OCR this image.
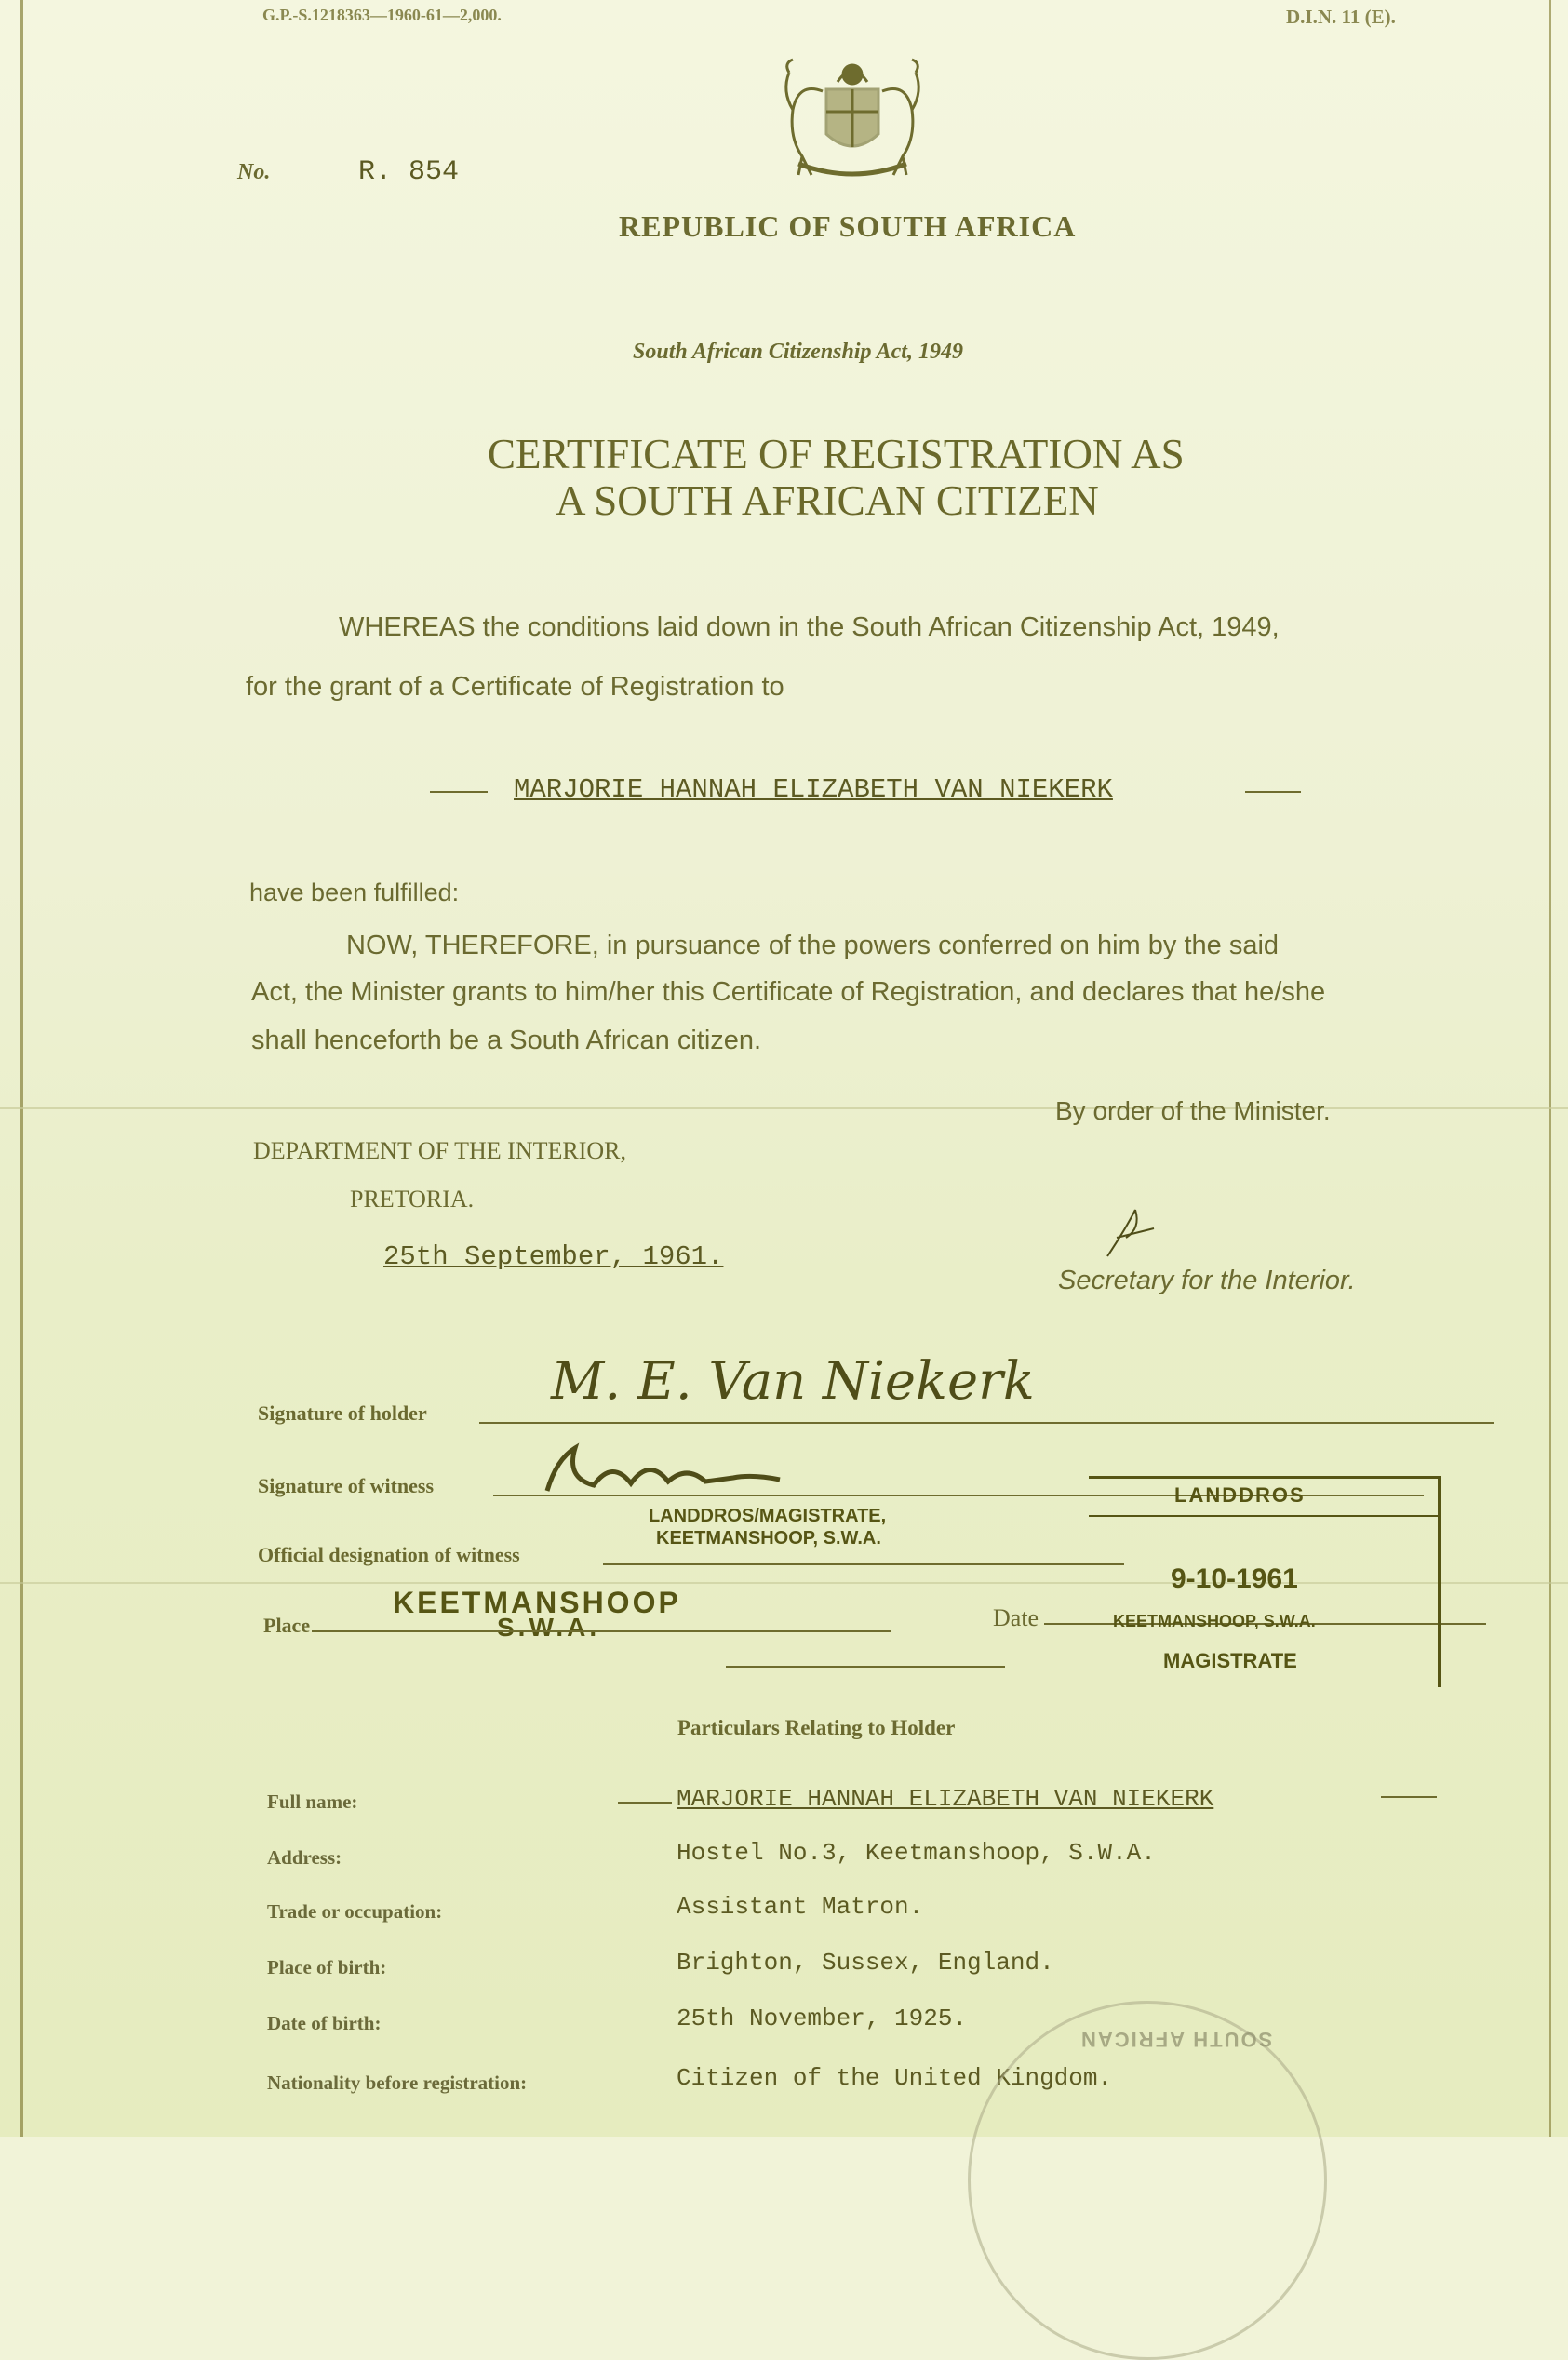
G.P.-S.1218363—1960-61—2,000.	D.I.N. 11 (E).
No.	R. 854
REPUBLIC OF SOUTH AFRICA
South African Citizenship Act, 1949
CERTIFICATE OF REGISTRATION AS
A SOUTH AFRICAN CITIZEN
WHEREAS the conditions laid down in the South African Citizenship Act, 1949,
for the grant of a Certificate of Registration to
MARJORIE HANNAH ELIZABETH VAN NIEKERK
have been fulfilled:
NOW, THEREFORE, in pursuance of the powers conferred on him by the said
Act, the Minister grants to him/her this Certificate of Registration, and declares that he/she
shall henceforth be a South African citizen.
By order of the Minister.
DEPARTMENT OF THE INTERIOR,
PRETORIA.
25th September, 1961.
Secretary for the Interior.
Signature of holder
M. E. Van Niekerk
Signature of witness
LANDDROS/MAGISTRATE,
KEETMANSHOOP, S.W.A.
Official designation of witness
KEETMANSHOOP
S.W.A.
Place	Date
LANDDROS
9-10-1961
KEETMANSHOOP, S.W.A.
MAGISTRATE
Particulars Relating to Holder
Full name:	MARJORIE HANNAH ELIZABETH VAN NIEKERK
Address:	Hostel No.3, Keetmanshoop, S.W.A.
Trade or occupation:	Assistant Matron.
Place of birth:	Brighton, Sussex, England.
Date of birth:	25th November, 1925.
Nationality before registration:	Citizen of the United Kingdom.
SOUTH AFRICAN
